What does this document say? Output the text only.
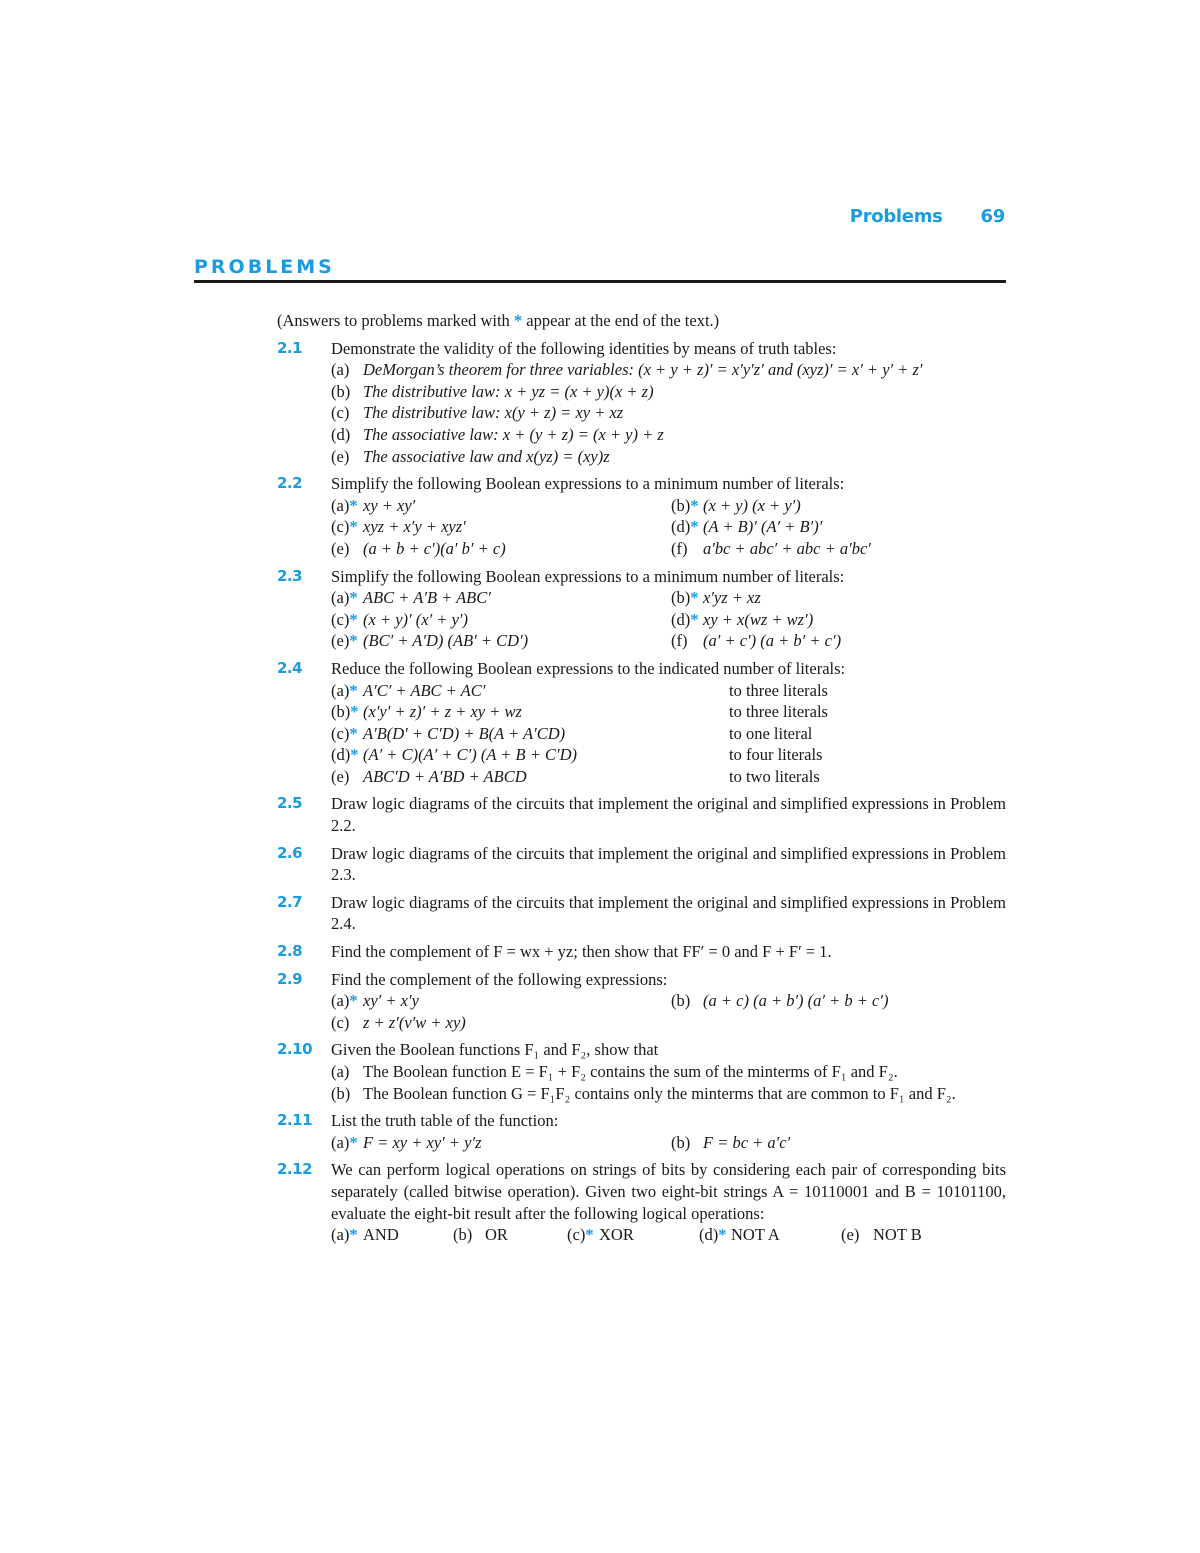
Problems 69
PROBLEMS

(Answers to problems marked with * appear at the end of the text.)

2.1 Demonstrate the validity of the following identities by means of truth tables:
(a) DeMorgan’s theorem for three variables: (x + y + z)′ = x′y′z′ and (xyz)′ = x′ + y′ + z′
(b) The distributive law: x + yz = (x + y)(x + z)
(c) The distributive law: x(y + z) = xy + xz
(d) The associative law: x + (y + z) = (x + y) + z
(e) The associative law and x(yz) = (xy)z
2.2 Simplify the following Boolean expressions to a minimum number of literals:
(a)* xy + xy′	(b)* (x + y) (x + y′)
(c)* xyz + x′y + xyz′	(d)* (A + B)′ (A′ + B′)′
(e) (a + b + c′)(a′ b′ + c)	(f) a′bc + abc′ + abc + a′bc′
2.3 Simplify the following Boolean expressions to a minimum number of literals:
(a)* ABC + A′B + ABC′	(b)* x′yz + xz
(c)* (x + y)′ (x′ + y′)	(d)* xy + x(wz + wz′)
(e)* (BC′ + A′D) (AB′ + CD′)	(f) (a′ + c′) (a + b′ + c′)
2.4 Reduce the following Boolean expressions to the indicated number of literals:
(a)* A′C′ + ABC + AC′	to three literals
(b)* (x′y′ + z)′ + z + xy + wz	to three literals
(c)* A′B(D′ + C′D) + B(A + A′CD)	to one literal
(d)* (A′ + C)(A′ + C′) (A + B + C′D)	to four literals
(e) ABC′D + A′BD + ABCD	to two literals
2.5 Draw logic diagrams of the circuits that implement the original and simplified expressions in Problem 2.2.
2.6 Draw logic diagrams of the circuits that implement the original and simplified expressions in Problem 2.3.
2.7 Draw logic diagrams of the circuits that implement the original and simplified expressions in Problem 2.4.
2.8 Find the complement of F = wx + yz; then show that FF′ = 0 and F + F′ = 1.
2.9 Find the complement of the following expressions:
(a)* xy′ + x′y	(b) (a + c) (a + b′) (a′ + b + c′)
(c) z + z′(v′w + xy)
2.10 Given the Boolean functions F₁ and F₂, show that
(a) The Boolean function E = F₁ + F₂ contains the sum of the minterms of F₁ and F₂.
(b) The Boolean function G = F₁F₂ contains only the minterms that are common to F₁ and F₂.
2.11 List the truth table of the function:
(a)* F = xy + xy′ + y′z	(b) F = bc + a′c′
2.12 We can perform logical operations on strings of bits by considering each pair of corresponding bits separately (called bitwise operation). Given two eight-bit strings A = 10110001 and B = 10101100, evaluate the eight-bit result after the following logical operations:
(a)* AND	(b) OR	(c)* XOR	(d)* NOT A	(e) NOT B
